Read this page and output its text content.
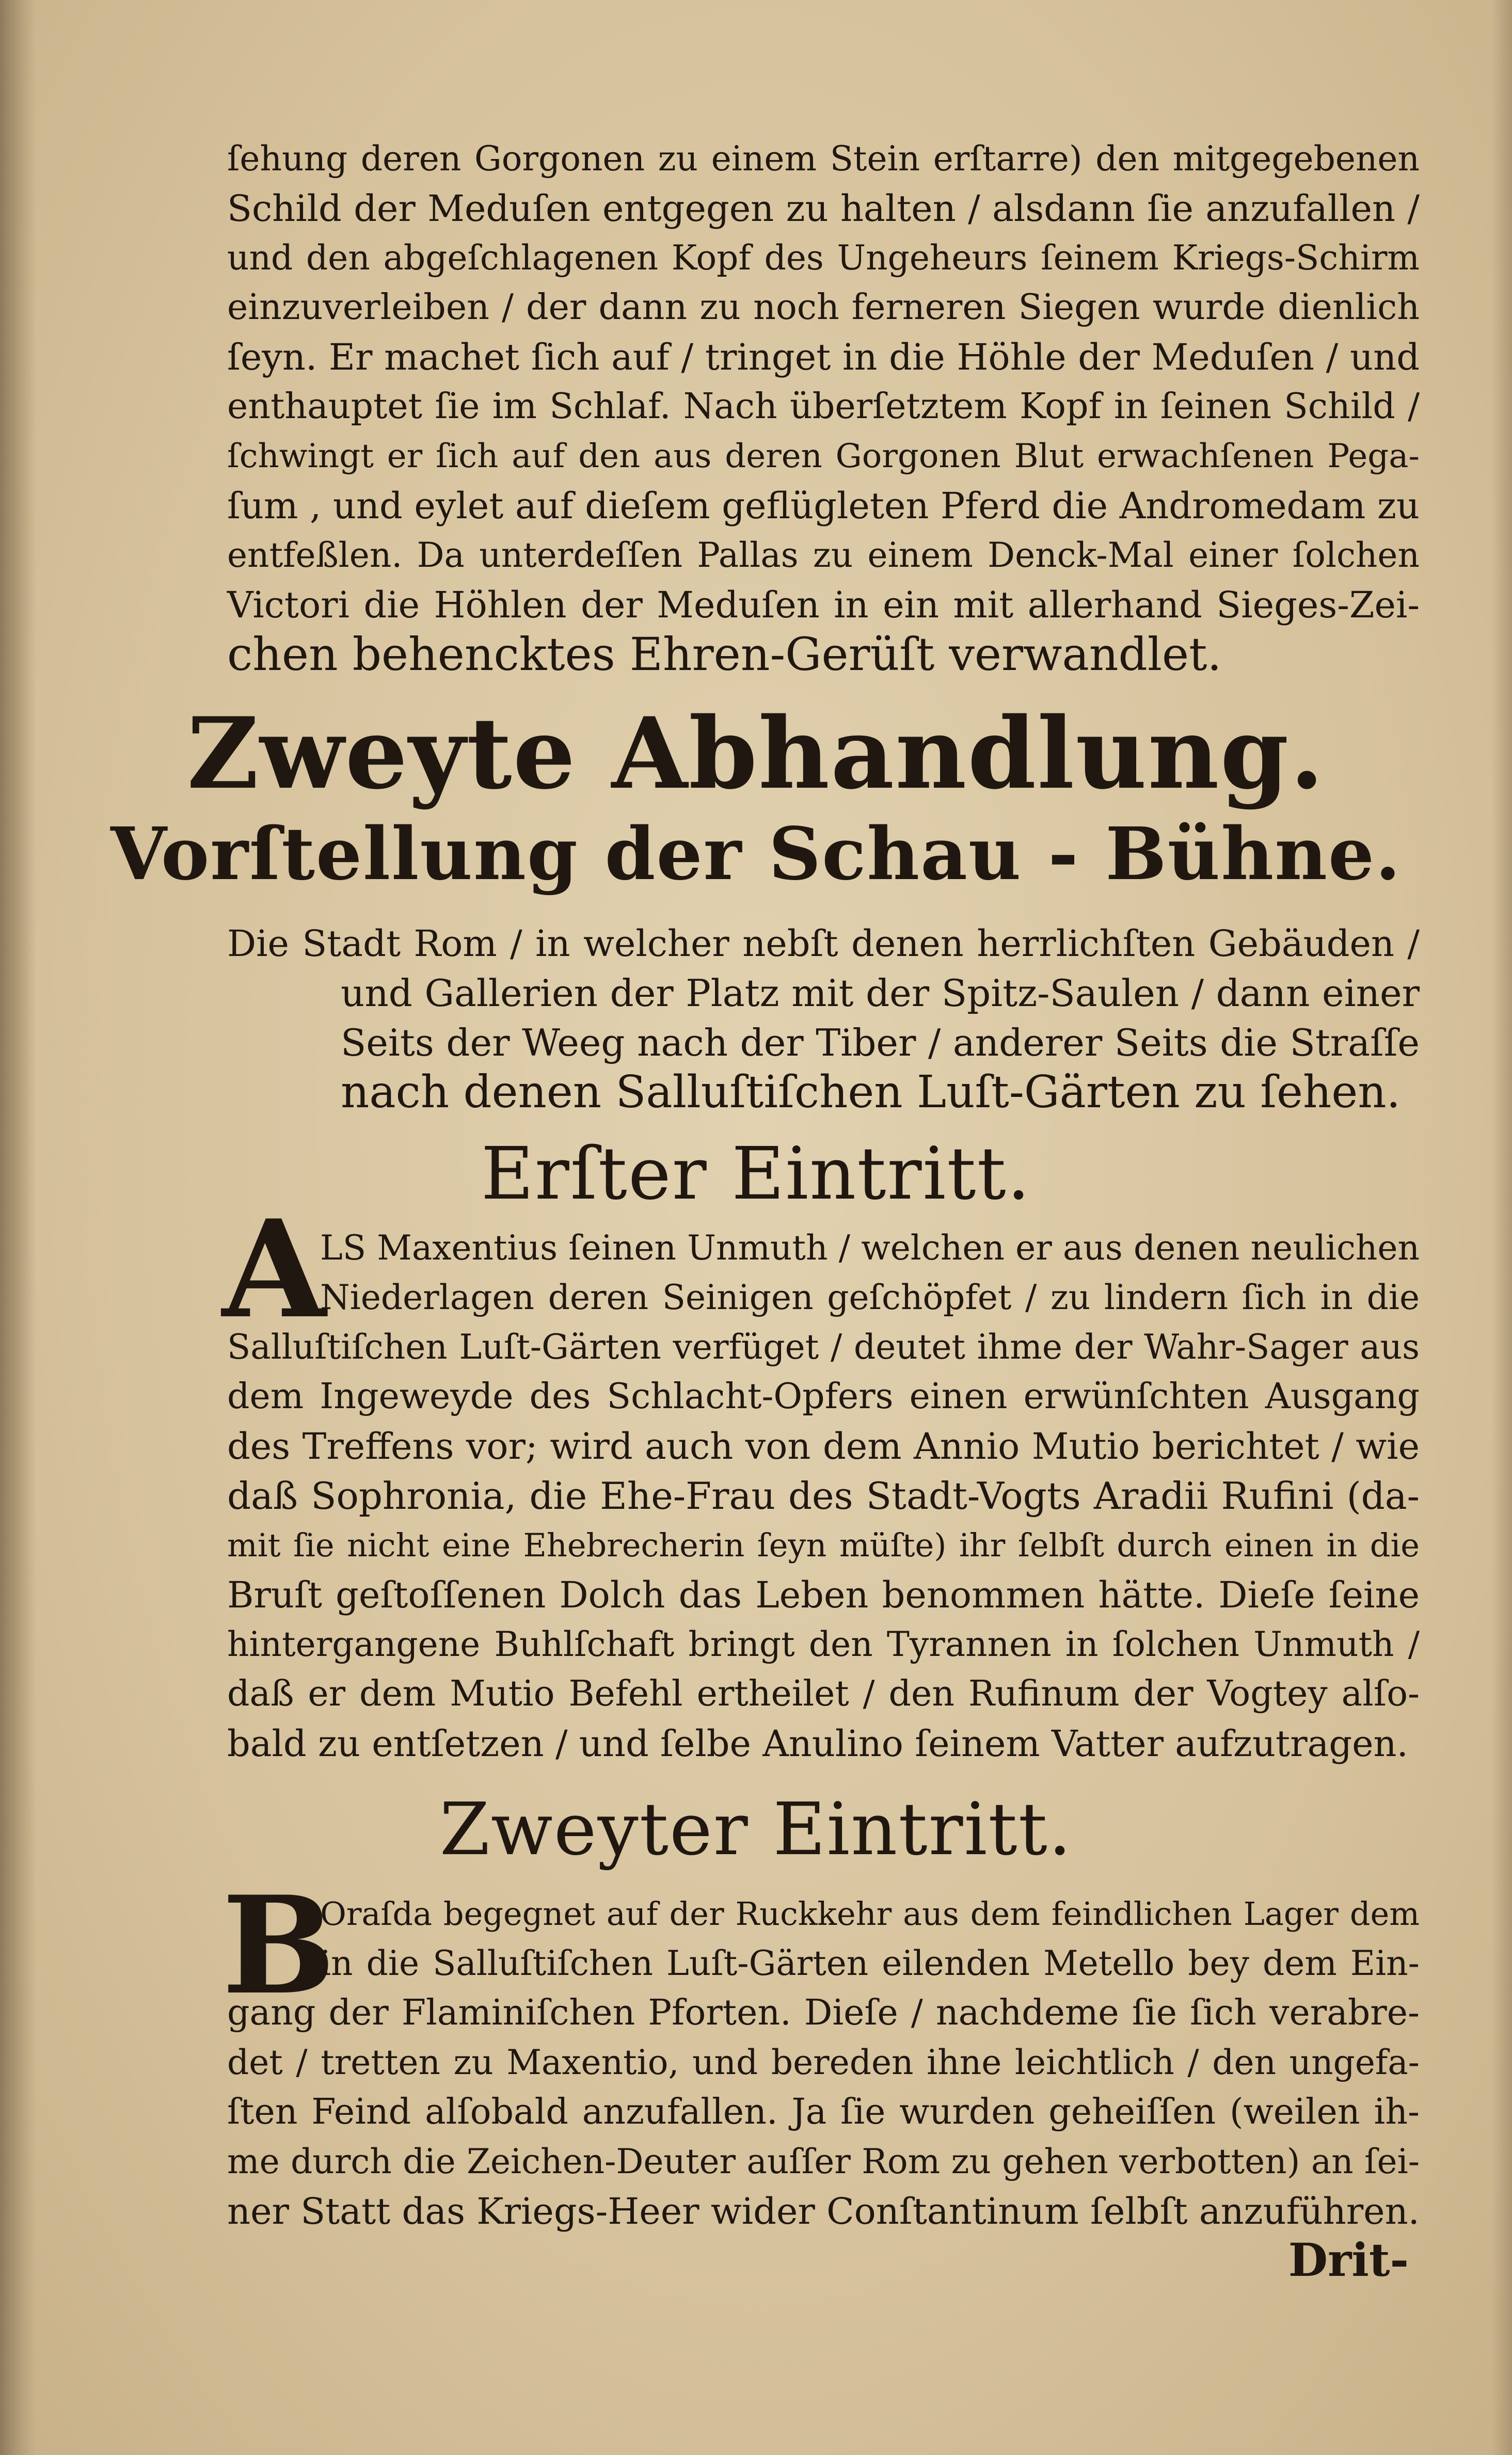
ſehung deren Gorgonen zu einem Stein erſtarre) den mitgegebenen
Schild der Meduſen entgegen zu halten / alsdann ſie anzufallen /
und den abgeſchlagenen Kopf des Ungeheurs ſeinem Kriegs-Schirm
einzuverleiben / der dann zu noch ferneren Siegen wurde dienlich
ſeyn. Er machet ſich auf / tringet in die Höhle der Meduſen / und
enthauptet ſie im Schlaf. Nach überſetztem Kopf in ſeinen Schild /
ſchwingt er ſich auf den aus deren Gorgonen Blut erwachſenen Pega-
ſum , und eylet auf dieſem geflügleten Pferd die Andromedam zu
entfeßlen. Da unterdeſſen Pallas zu einem Denck-Mal einer ſolchen
Victori die Höhlen der Meduſen in ein mit allerhand Sieges-Zei-
chen behencktes Ehren-Gerüſt verwandlet.
Zweyte Abhandlung.
Vorſtellung der Schau - Bühne.
Die Stadt Rom / in welcher nebſt denen herrlichſten Gebäuden /
und Gallerien der Platz mit der Spitz-Saulen / dann einer
Seits der Weeg nach der Tiber / anderer Seits die Straſſe
nach denen Salluſtiſchen Luſt-Gärten zu ſehen.
Erſter Eintritt.
A
LS Maxentius ſeinen Unmuth / welchen er aus denen neulichen
Niederlagen deren Seinigen geſchöpfet / zu lindern ſich in die
Salluſtiſchen Luſt-Gärten verfüget / deutet ihme der Wahr-Sager aus
dem Ingeweyde des Schlacht-Opfers einen erwünſchten Ausgang
des Treffens vor; wird auch von dem Annio Mutio berichtet / wie
daß Sophronia, die Ehe-Frau des Stadt-Vogts Aradii Rufini (da-
mit ſie nicht eine Ehebrecherin ſeyn müſte) ihr ſelbſt durch einen in die
Bruſt geſtoſſenen Dolch das Leben benommen hätte. Dieſe ſeine
hintergangene Buhlſchaft bringt den Tyrannen in ſolchen Unmuth /
daß er dem Mutio Befehl ertheilet / den Rufinum der Vogtey alſo-
bald zu entſetzen / und ſelbe Anulino ſeinem Vatter aufzutragen.
Zweyter Eintritt.
B
Oraſda begegnet auf der Ruckkehr aus dem feindlichen Lager dem
in die Salluſtiſchen Luſt-Gärten eilenden Metello bey dem Ein-
gang der Flaminiſchen Pforten. Dieſe / nachdeme ſie ſich verabre-
det / tretten zu Maxentio, und bereden ihne leichtlich / den ungefa-
ſten Feind alſobald anzufallen. Ja ſie wurden geheiſſen (weilen ih-
me durch die Zeichen-Deuter auſſer Rom zu gehen verbotten) an ſei-
ner Statt das Kriegs-Heer wider Conſtantinum ſelbſt anzuführen.
Drit-
